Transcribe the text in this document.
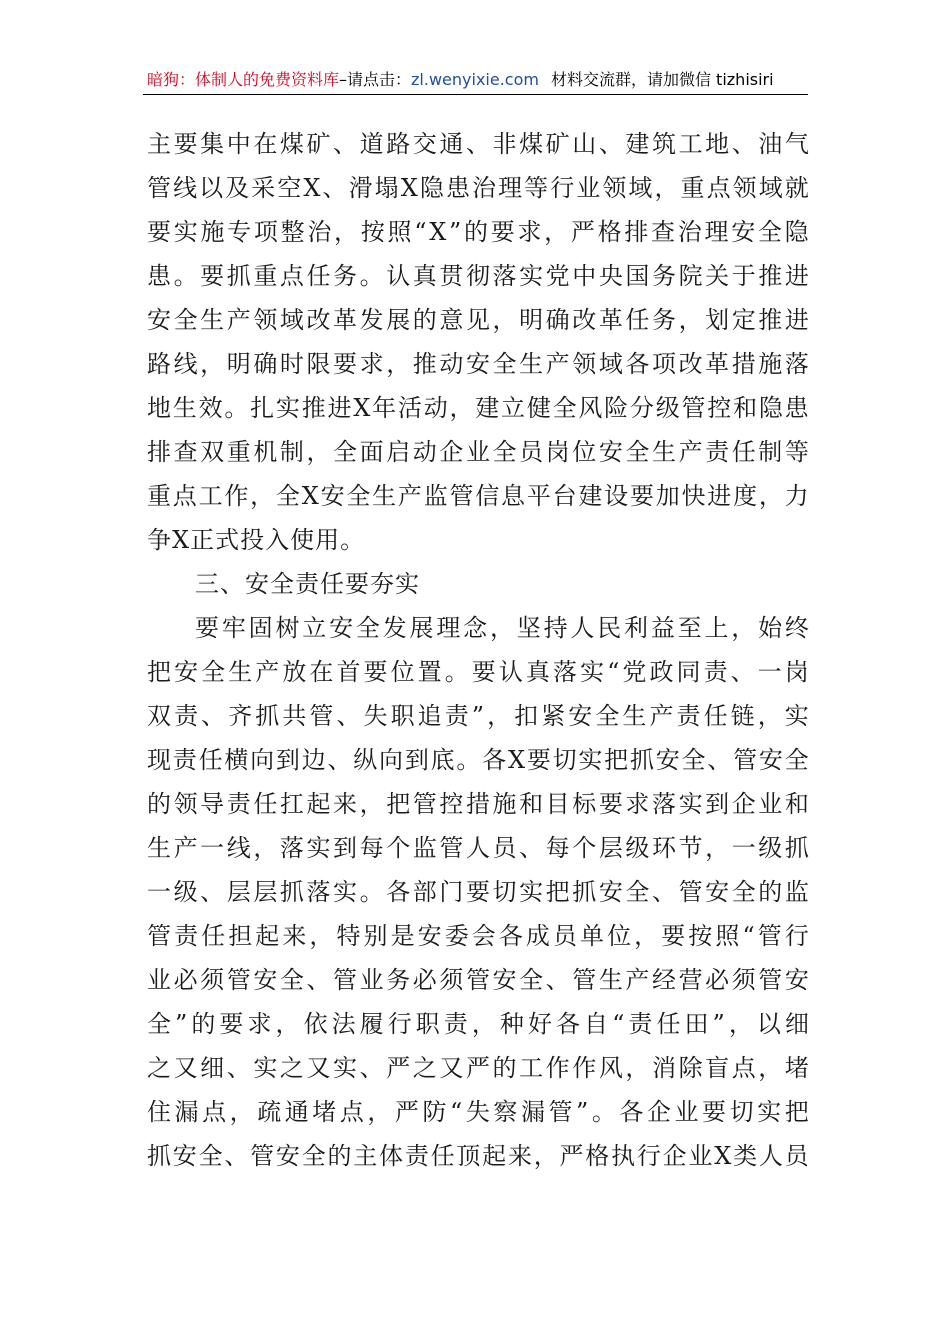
暗狗：体制人的免费资料库–请点击：zl.wenyixie.com 材料交流群，请加微信 tizhisiri
主 要 集 中 在 煤 矿 、 道 路 交 通 、 非 煤 矿 山 、 建 筑 工 地 、 油 气
管 线 以 及 采 空 X 、 滑 塌 X 隐 患 治 理 等 行 业 领 域 ， 重 点 领 域 就
要 实 施 专 项 整 治 ， 按 照 “ X ” 的 要 求 ， 严 格 排 查 治 理 安 全 隐
患 。 要 抓 重 点 任 务 。 认 真 贯 彻 落 实 党 中 央 国 务 院 关 于 推 进
安 全 生 产 领 域 改 革 发 展 的 意 见 ， 明 确 改 革 任 务 ， 划 定 推 进
路 线 ， 明 确 时 限 要 求 ， 推 动 安 全 生 产 领 域 各 项 改 革 措 施 落
地 生 效 。 扎 实 推 进 X 年 活 动 ， 建 立 健 全 风 险 分 级 管 控 和 隐 患
排 查 双 重 机 制 ， 全 面 启 动 企 业 全 员 岗 位 安 全 生 产 责 任 制 等
重 点 工 作 ， 全 X 安 全 生 产 监 管 信 息 平 台 建 设 要 加 快 进 度 ， 力
争X正式投入使用。
三、安全责任要夯实
要 牢 固 树 立 安 全 发 展 理 念 ， 坚 持 人 民 利 益 至 上 ， 始 终
把 安 全 生 产 放 在 首 要 位 置 。 要 认 真 落 实 “ 党 政 同 责 、 一 岗
双 责 、 齐 抓 共 管 、 失 职 追 责 ” ， 扣 紧 安 全 生 产 责 任 链 ， 实
现 责 任 横 向 到 边 、 纵 向 到 底 。 各 X 要 切 实 把 抓 安 全 、 管 安 全
的 领 导 责 任 扛 起 来 ， 把 管 控 措 施 和 目 标 要 求 落 实 到 企 业 和
生 产 一 线 ， 落 实 到 每 个 监 管 人 员 、 每 个 层 级 环 节 ， 一 级 抓
一 级 、 层 层 抓 落 实 。 各 部 门 要 切 实 把 抓 安 全 、 管 安 全 的 监
管 责 任 担 起 来 ， 特 别 是 安 委 会 各 成 员 单 位 ， 要 按 照 “ 管 行
业 必 须 管 安 全 、 管 业 务 必 须 管 安 全 、 管 生 产 经 营 必 须 管 安
全 ” 的 要 求 ， 依 法 履 行 职 责 ， 种 好 各 自 “ 责 任 田 ” ， 以 细
之 又 细 、 实 之 又 实 、 严 之 又 严 的 工 作 作 风 ， 消 除 盲 点 ， 堵
住 漏 点 ， 疏 通 堵 点 ， 严 防 “ 失 察 漏 管 ” 。 各 企 业 要 切 实 把
抓 安 全 、 管 安 全 的 主 体 责 任 顶 起 来 ， 严 格 执 行 企 业 X 类 人 员
